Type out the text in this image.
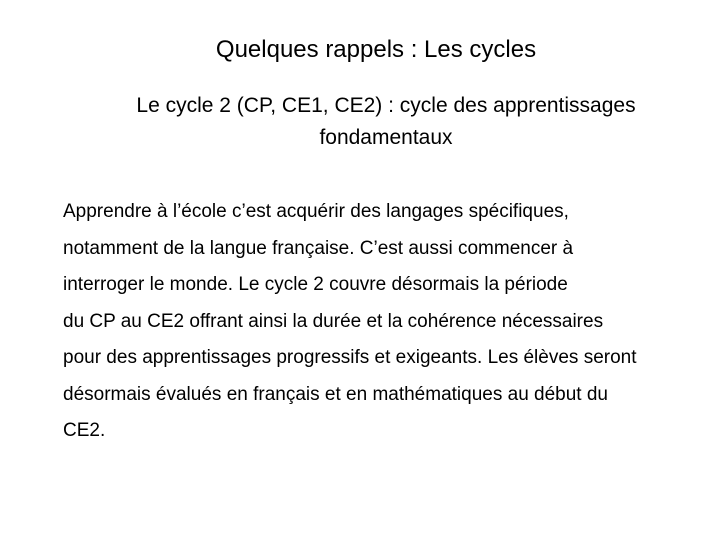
Quelques rappels : Les cycles
Le cycle 2 (CP, CE1, CE2) : cycle des apprentissages
fondamentaux
Apprendre à l’école c’est acquérir des langages spécifiques,
notamment de la langue française. C’est aussi commencer à
interroger le monde. Le cycle 2 couvre désormais la période
du CP au CE2 offrant ainsi la durée et la cohérence nécessaires
pour des apprentissages progressifs et exigeants. Les élèves seront
désormais évalués en français et en mathématiques au début du
CE2.
